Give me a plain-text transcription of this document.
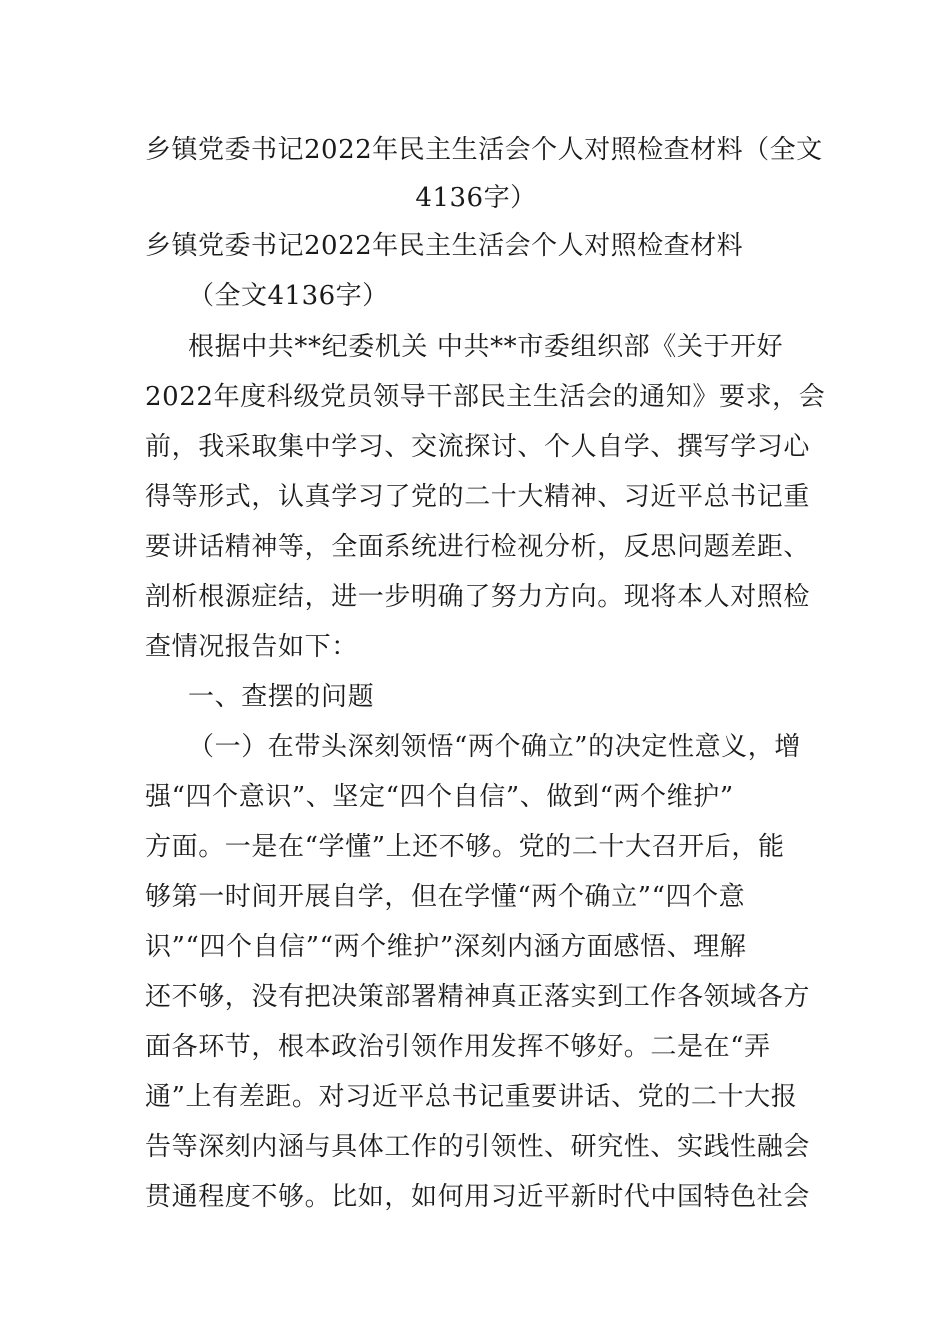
乡镇党委书记2022年民主生活会个人对照检查材料（全文
4136字）
乡镇党委书记2022年民主生活会个人对照检查材料
（全文4136字）
根据中共**纪委机关 中共**市委组织部《关于开好
2022年度科级党员领导干部民主生活会的通知》要求，会
前，我采取集中学习、交流探讨、个人自学、撰写学习心
得等形式，认真学习了党的二十大精神、习近平总书记重
要讲话精神等，全面系统进行检视分析，反思问题差距、
剖析根源症结，进一步明确了努力方向。现将本人对照检
查情况报告如下：
一、查摆的问题
（一）在带头深刻领悟“两个确立”的决定性意义，增
强“四个意识”、坚定“四个自信”、做到“两个维护”
方面。一是在“学懂”上还不够。党的二十大召开后，能
够第一时间开展自学，但在学懂“两个确立”“四个意
识”“四个自信”“两个维护”深刻内涵方面感悟、理解
还不够，没有把决策部署精神真正落实到工作各领域各方
面各环节，根本政治引领作用发挥不够好。二是在“弄
通”上有差距。对习近平总书记重要讲话、党的二十大报
告等深刻内涵与具体工作的引领性、研究性、实践性融会
贯通程度不够。比如，如何用习近平新时代中国特色社会
